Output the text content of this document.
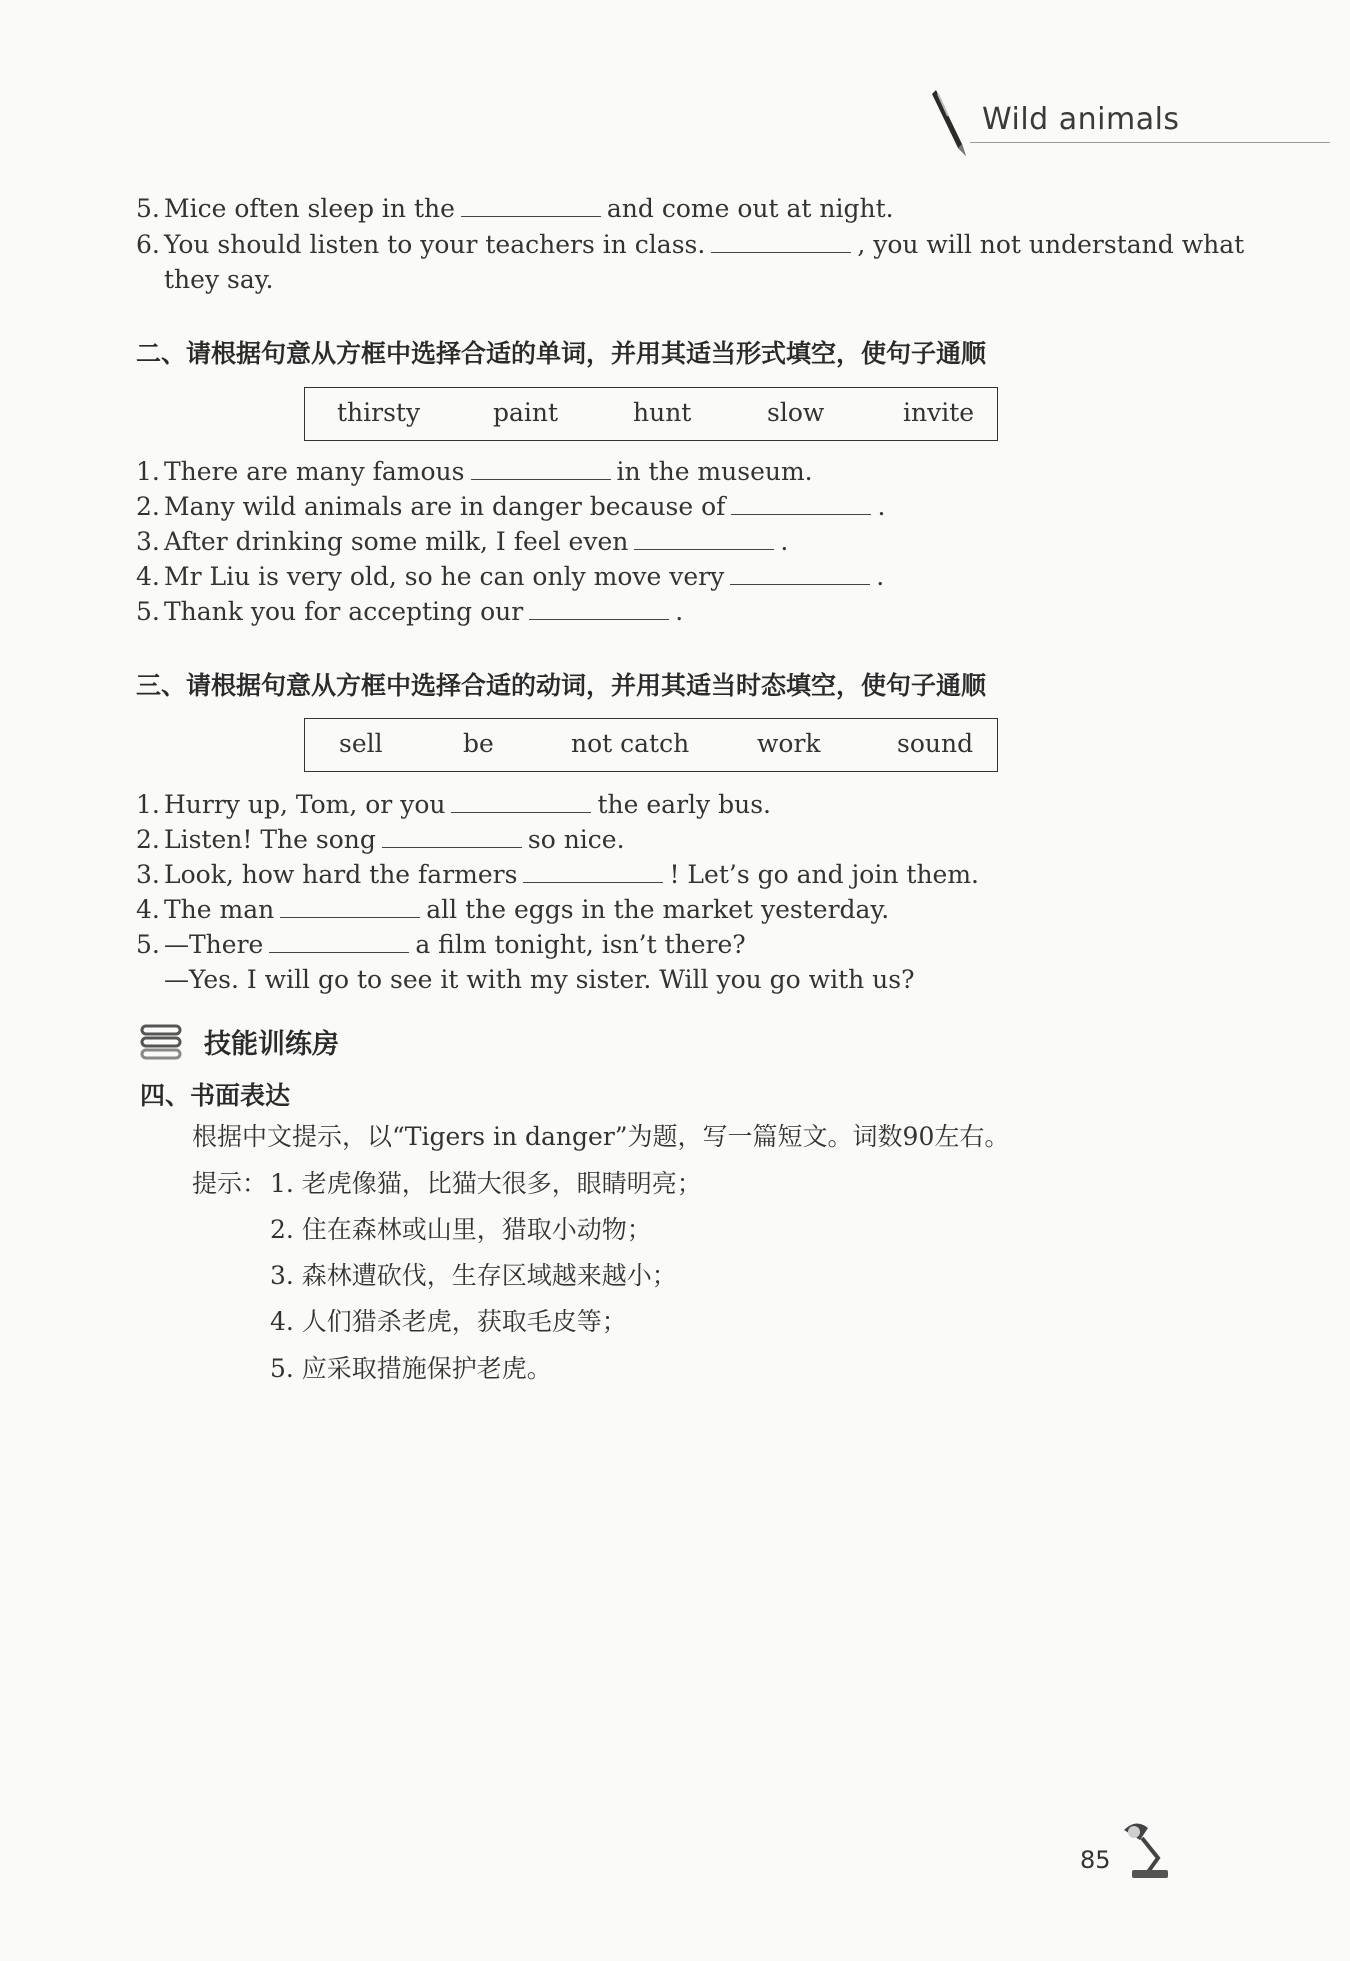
Wild animals
5. Mice often sleep in the	and come out at night.
6. You should listen to your teachers in class.	, you will not understand what
they say.
二、请根据句意从方框中选择合适的单词，并用其适当形式填空，使句子通顺
thirsty	paint	hunt	slow	invite
1. There are many famous	in the museum.
2. Many wild animals are in danger because of	.
3. After drinking some milk, I feel even	.
4. Mr Liu is very old, so he can only move very	.
5. Thank you for accepting our	.
三、请根据句意从方框中选择合适的动词，并用其适当时态填空，使句子通顺
sell	be	not catch	work	sound
1. Hurry up, Tom, or you	the early bus.
2. Listen! The song	so nice.
3. Look, how hard the farmers	! Let’s go and join them.
4. The man	all the eggs in the market yesterday.
5. —There	a film tonight, isn’t there?
—Yes. I will go to see it with my sister. Will you go with us?
技能训练房
四、书面表达
根据中文提示，以“Tigers in danger”为题，写一篇短文。词数90左右。
提示： 1. 老虎像猫，比猫大很多，眼睛明亮；
2. 住在森林或山里，猎取小动物；
3. 森林遭砍伐，生存区域越来越小；
4. 人们猎杀老虎，获取毛皮等；
5. 应采取措施保护老虎。
85
